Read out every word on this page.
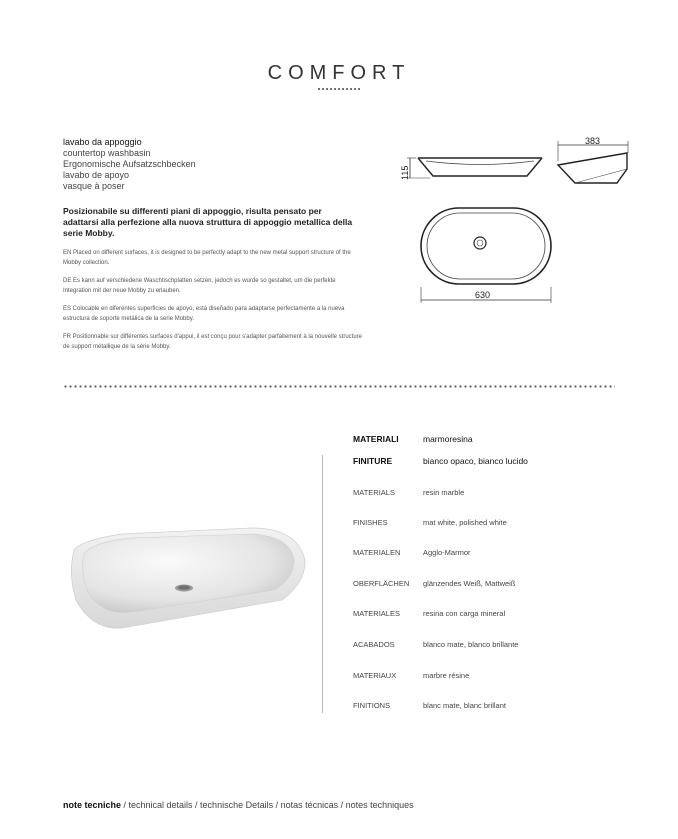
COMFORT
lavabo da appoggio
countertop washbasin
Ergonomische Aufsatzschbecken
lavabo de apoyo
vasque à poser
Posizionabile su differenti piani di appoggio, risulta pensato per adattarsi alla perfezione alla nuova struttura di appoggio metallica della serie Mobby.
EN Placed on different surfaces, it is designed to be perfectly adapt to the new metal support structure of the Mobby collection.
DE Es kann auf verschiedene Waschtischplatten setzen, jedoch es wurde so gestaltet, um die perfekte Integration mit der neue Mobby zu erlauben.
ES Colocable en diferentes superficies de apoyo, está diseñado para adaptarse perfectamente a la nueva estructura de soporte metálica de la serie Mobby.
FR Positionnable sur différentes surfaces d'appui, il est conçu pour s'adapter parfaitement à la nouvelle structure de support métallique de la série Mobby.
115
383
630
MATERIALI	marmoresina
FINITURE	bianco opaco, bianco lucido
MATERIALS	resin marble
FINISHES	mat white, polished white
MATERIALEN	Agglo-Marmor
OBERFLÄCHEN glänzendes Weiß, Mattweiß
MATERIALES	resina con carga mineral
ACABADOS	blanco mate, blanco brillante
MATERIAUX	marbre résine
FINITIONS	blanc mate, blanc brillant
note tecniche / technical details / technische Details / notas técnicas / notes techniques
